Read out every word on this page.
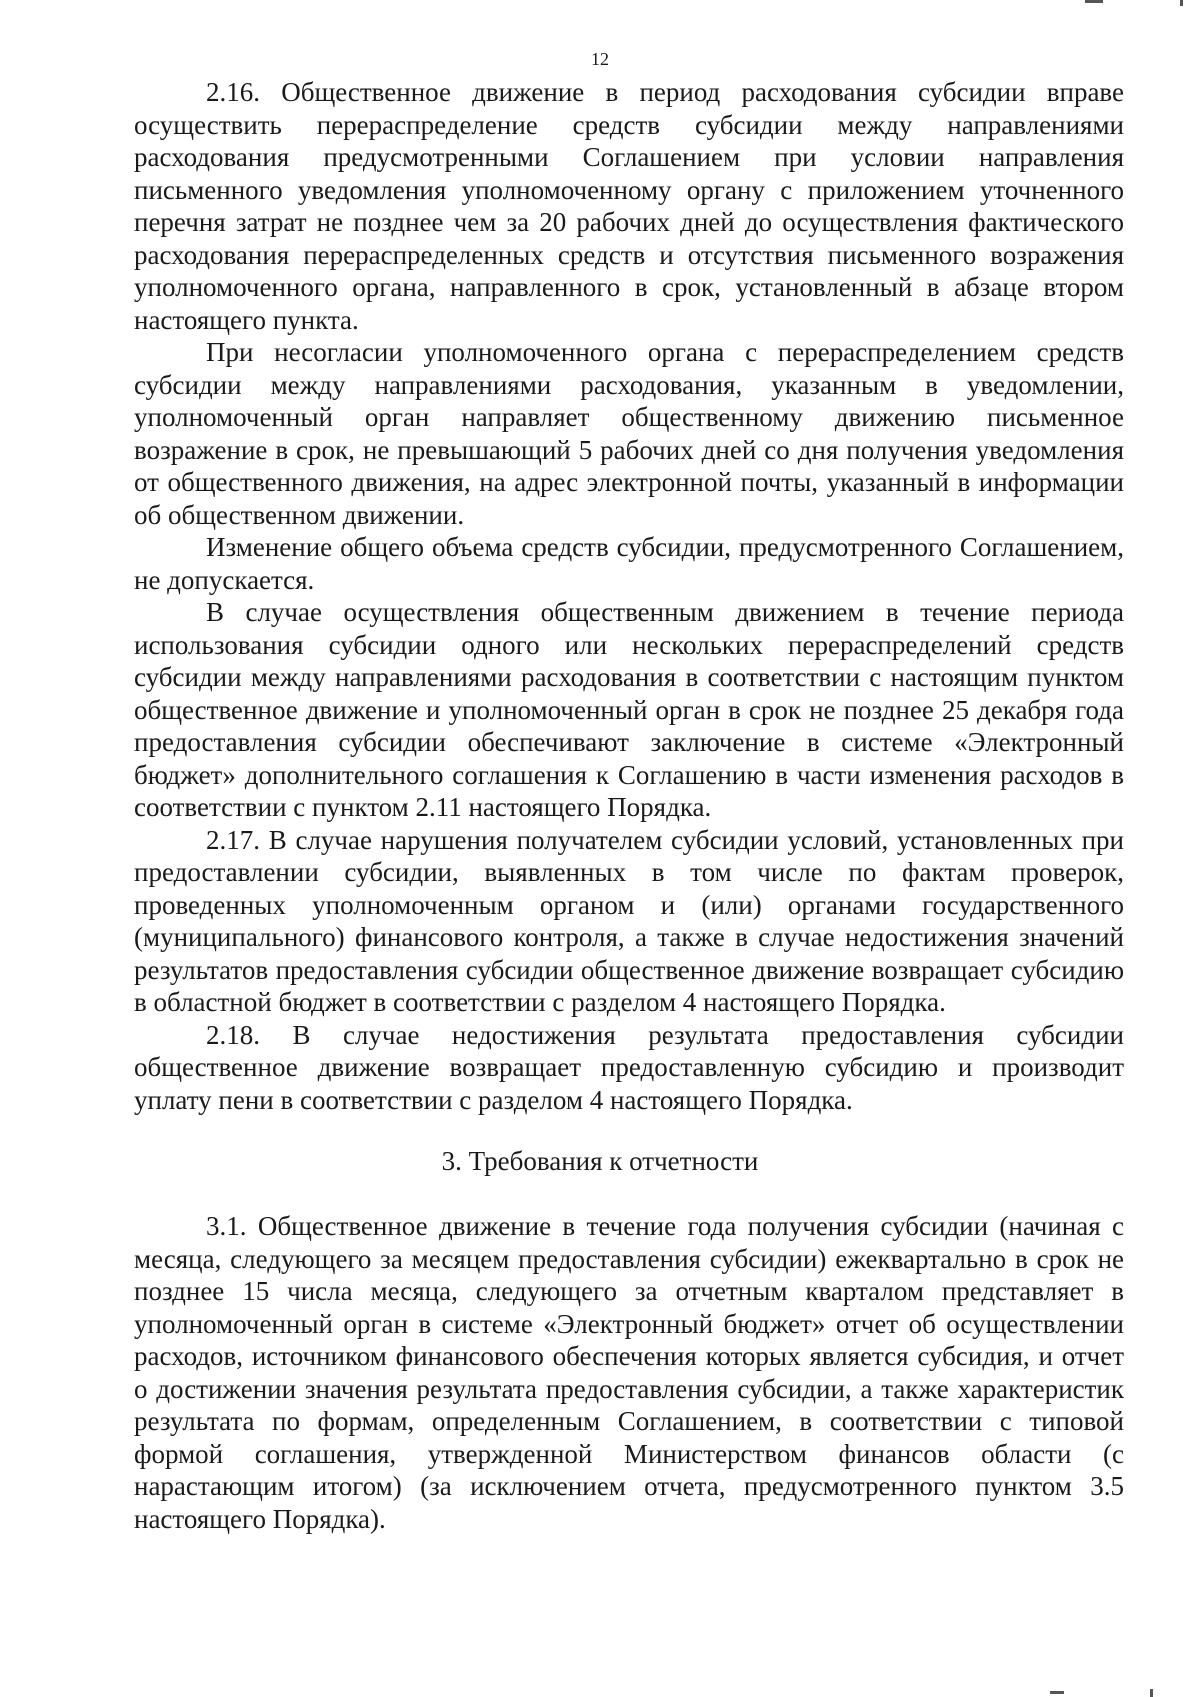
12

2.16. Общественное движение в период расходования субсидии вправе осуществить перераспределение средств субсидии между направлениями расходования предусмотренными Соглашением при условии направления письменного уведомления уполномоченному органу с приложением уточненного перечня затрат не позднее чем за 20 рабочих дней до осуществления фактического расходования перераспределенных средств и отсутствия письменного возражения уполномоченного органа, направленного в срок, установленный в абзаце втором настоящего пункта.

При несогласии уполномоченного органа с перераспределением средств субсидии между направлениями расходования, указанным в уведомлении, уполномоченный орган направляет общественному движению письменное возражение в срок, не превышающий 5 рабочих дней со дня получения уведомления от общественного движения, на адрес электронной почты, указанный в информации об общественном движении.

Изменение общего объема средств субсидии, предусмотренного Соглашением, не допускается.

В случае осуществления общественным движением в течение периода использования субсидии одного или нескольких перераспределений средств субсидии между направлениями расходования в соответствии с настоящим пунктом общественное движение и уполномоченный орган в срок не позднее 25 декабря года предоставления субсидии обеспечивают заключение в системе «Электронный бюджет» дополнительного соглашения к Соглашению в части изменения расходов в соответствии с пунктом 2.11 настоящего Порядка.

2.17. В случае нарушения получателем субсидии условий, установленных при предоставлении субсидии, выявленных в том числе по фактам проверок, проведенных уполномоченным органом и (или) органами государственного (муниципального) финансового контроля, а также в случае недостижения значений результатов предоставления субсидии общественное движение возвращает субсидию в областной бюджет в соответствии с разделом 4 настоящего Порядка.

2.18. В случае недостижения результата предоставления субсидии общественное движение возвращает предоставленную субсидию и производит уплату пени в соответствии с разделом 4 настоящего Порядка.

3. Требования к отчетности

3.1. Общественное движение в течение года получения субсидии (начиная с месяца, следующего за месяцем предоставления субсидии) ежеквартально в срок не позднее 15 числа месяца, следующего за отчетным кварталом представляет в уполномоченный орган в системе «Электронный бюджет» отчет об осуществлении расходов, источником финансового обеспечения которых является субсидия, и отчет о достижении значения результата предоставления субсидии, а также характеристик результата по формам, определенным Соглашением, в соответствии с типовой формой соглашения, утвержденной Министерством финансов области (с нарастающим итогом) (за исключением отчета, предусмотренного пунктом 3.5 настоящего Порядка).
